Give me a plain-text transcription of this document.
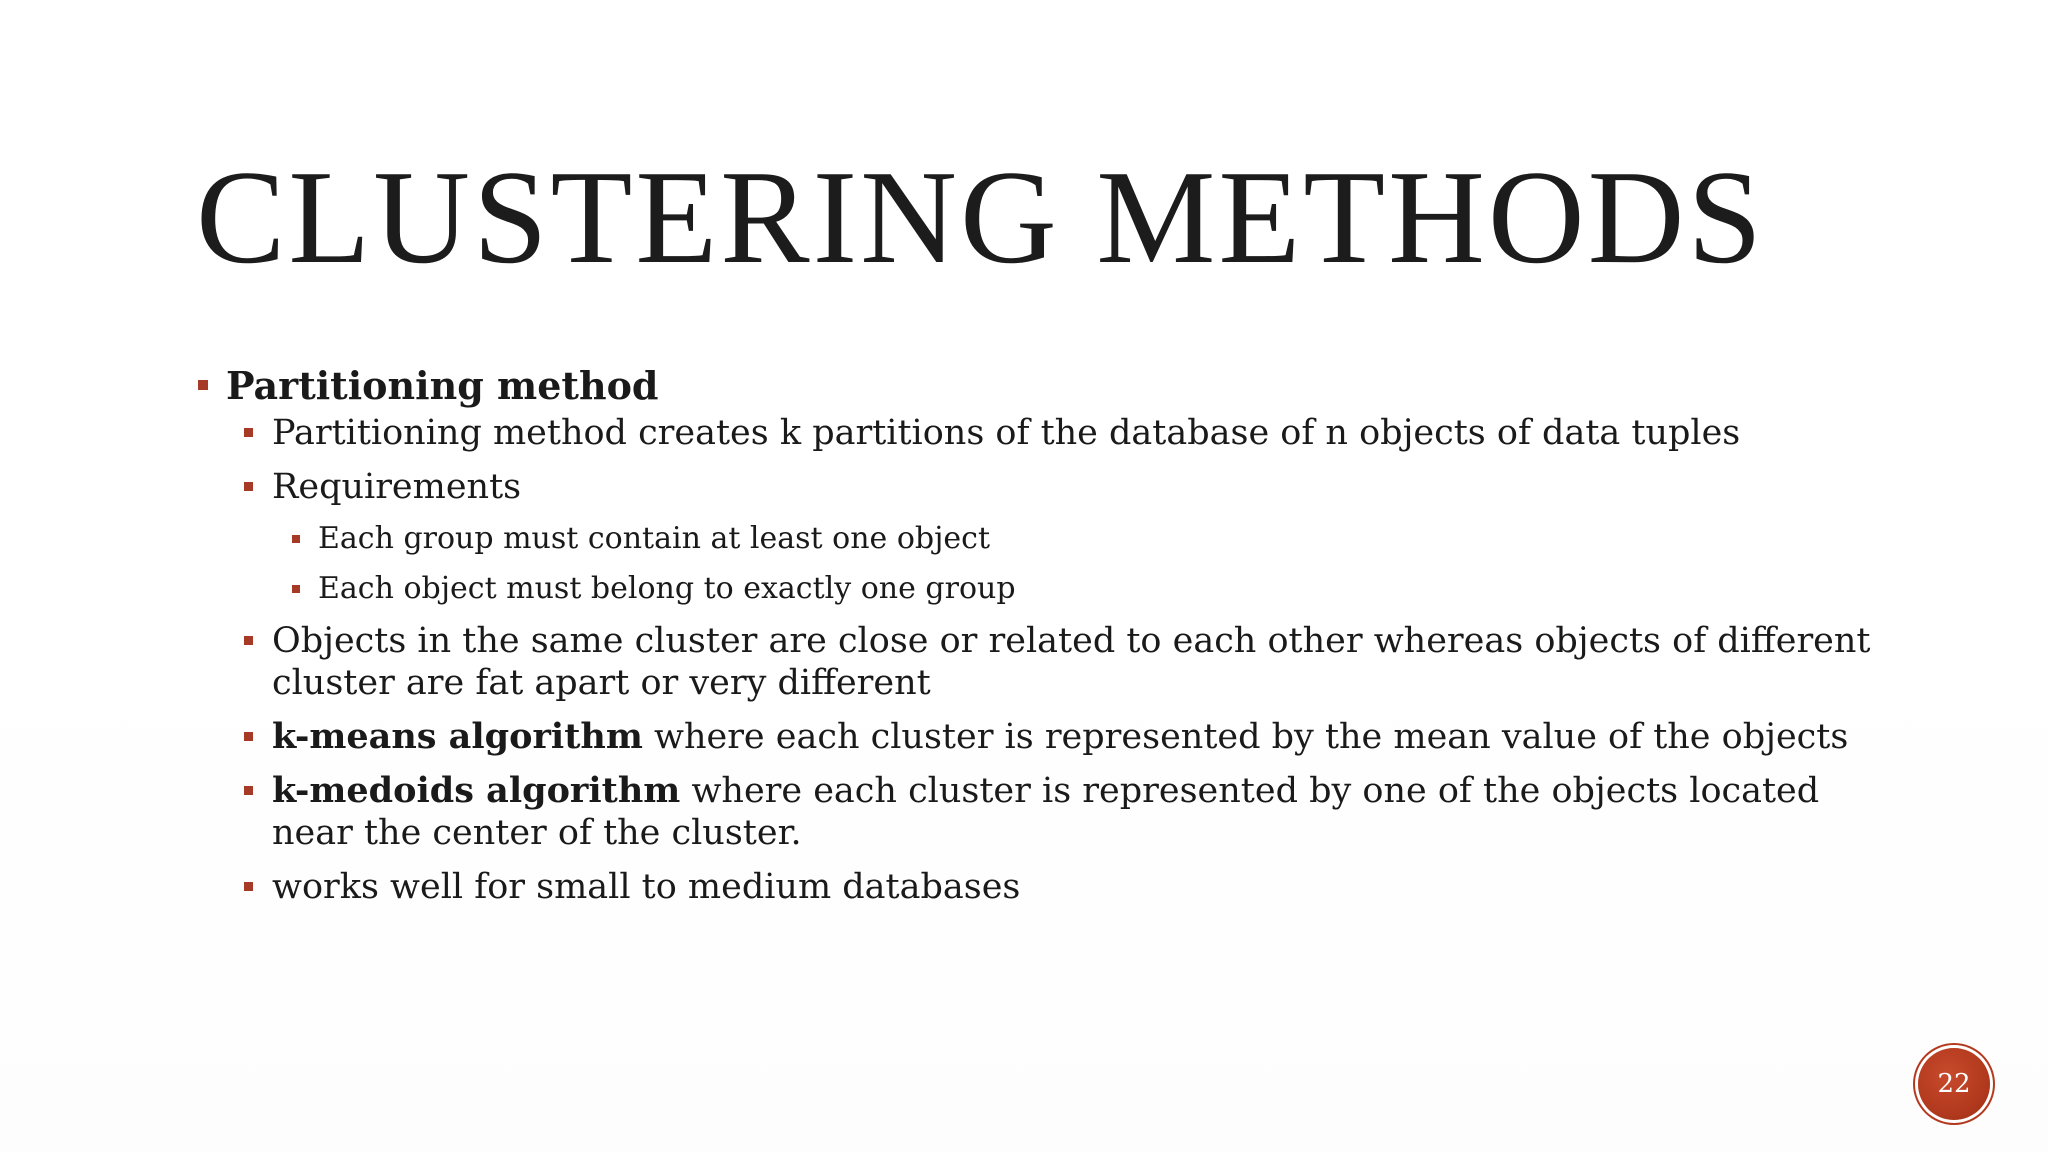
CLUSTERING METHODS
Partitioning method
Partitioning method creates k partitions of the database of n objects of data tuples
Requirements
Each group must contain at least one object
Each object must belong to exactly one group
Objects in the same cluster are close or related to each other whereas objects of different cluster are fat apart or very different
k-means algorithm where each cluster is represented by the mean value of the objects
k-medoids algorithm where each cluster is represented by one of the objects located near the center of the cluster.
works well for small to medium databases
22
